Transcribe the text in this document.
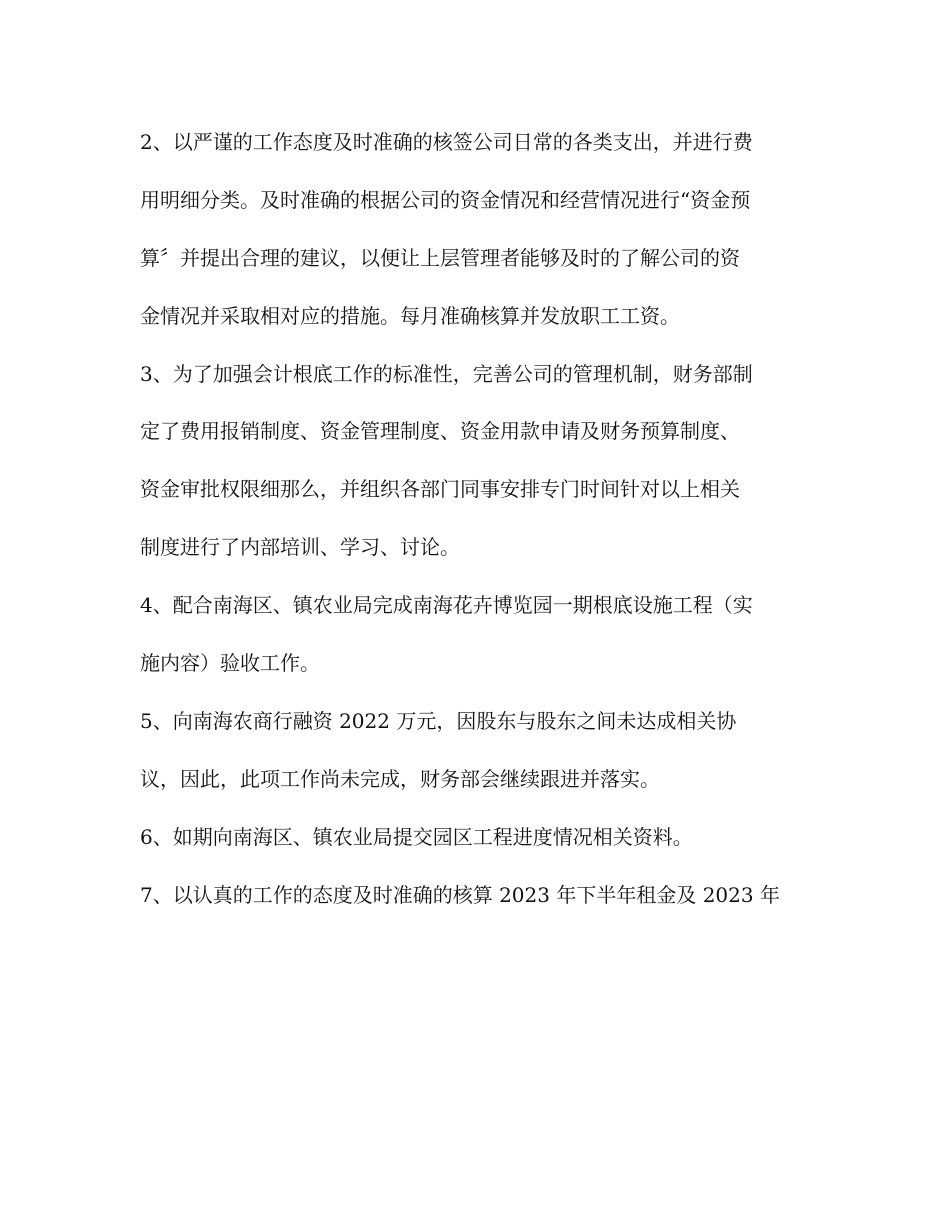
2、以严谨的工作态度及时准确的核签公司日常的各类支出，并进行费
用明细分类。及时准确的根据公司的资金情况和经营情况进行“资金预
算〞并提出合理的建议，以便让上层管理者能够及时的了解公司的资
金情况并采取相对应的措施。每月准确核算并发放职工工资。
3、为了加强会计根底工作的标准性，完善公司的管理机制，财务部制
定了费用报销制度、资金管理制度、资金用款申请及财务预算制度、
资金审批权限细那么，并组织各部门同事安排专门时间针对以上相关
制度进行了内部培训、学习、讨论。
4、配合南海区、镇农业局完成南海花卉博览园一期根底设施工程（实
施内容）验收工作。
5、向南海农商行融资 2022 万元，因股东与股东之间未达成相关协
议，因此，此项工作尚未完成，财务部会继续跟进并落实。
6、如期向南海区、镇农业局提交园区工程进度情况相关资料。
7、以认真的工作的态度及时准确的核算 2023 年下半年租金及 2023 年
